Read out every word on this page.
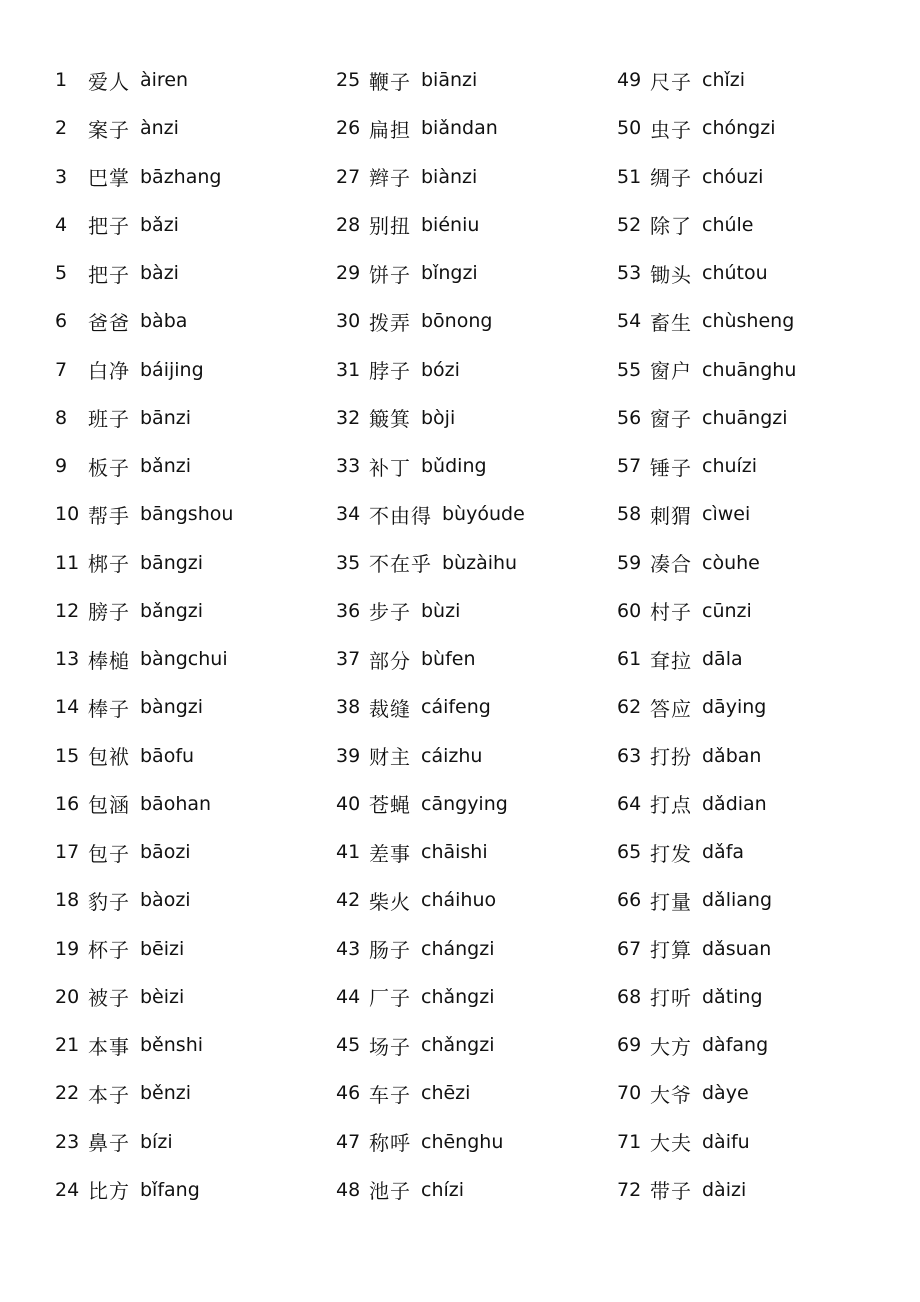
1	爱人 àiren
2	案子 ànzi
3	巴掌 bāzhang
4	把子 bǎzi
5	把子 bàzi
6	爸爸 bàba
7	白净 báijing
8	班子 bānzi
9	板子 bǎnzi
10 帮手 bāngshou
11 梆子 bāngzi
12 膀子 bǎngzi
13 棒槌 bàngchui
14 棒子 bàngzi
15 包袱 bāofu
16 包涵 bāohan
17 包子 bāozi
18 豹子 bàozi
19 杯子 bēizi
20 被子 bèizi
21 本事 běnshi
22 本子 běnzi
23 鼻子 bízi
24 比方 bǐfang
25 鞭子 biānzi
26 扁担 biǎndan
27 辫子 biànzi
28 别扭 biéniu
29 饼子 bǐngzi
30 拨弄 bōnong
31 脖子 bózi
32 簸箕 bòji
33 补丁 bǔding
34 不由得 bùyóude
35 不在乎 bùzàihu
36 步子 bùzi
37 部分 bùfen
38 裁缝 cáifeng
39 财主 cáizhu
40 苍蝇 cāngying
41 差事 chāishi
42 柴火 cháihuo
43 肠子 chángzi
44 厂子 chǎngzi
45 场子 chǎngzi
46 车子 chēzi
47 称呼 chēnghu
48 池子 chízi
49 尺子 chǐzi
50 虫子 chóngzi
51 绸子 chóuzi
52 除了 chúle
53 锄头 chútou
54 畜生 chùsheng
55 窗户 chuānghu
56 窗子 chuāngzi
57 锤子 chuízi
58 刺猬 cìwei
59 凑合 còuhe
60 村子 cūnzi
61 耷拉 dāla
62 答应 dāying
63 打扮 dǎban
64 打点 dǎdian
65 打发 dǎfa
66 打量 dǎliang
67 打算 dǎsuan
68 打听 dǎting
69 大方 dàfang
70 大爷 dàye
71 大夫 dàifu
72 带子 dàizi
